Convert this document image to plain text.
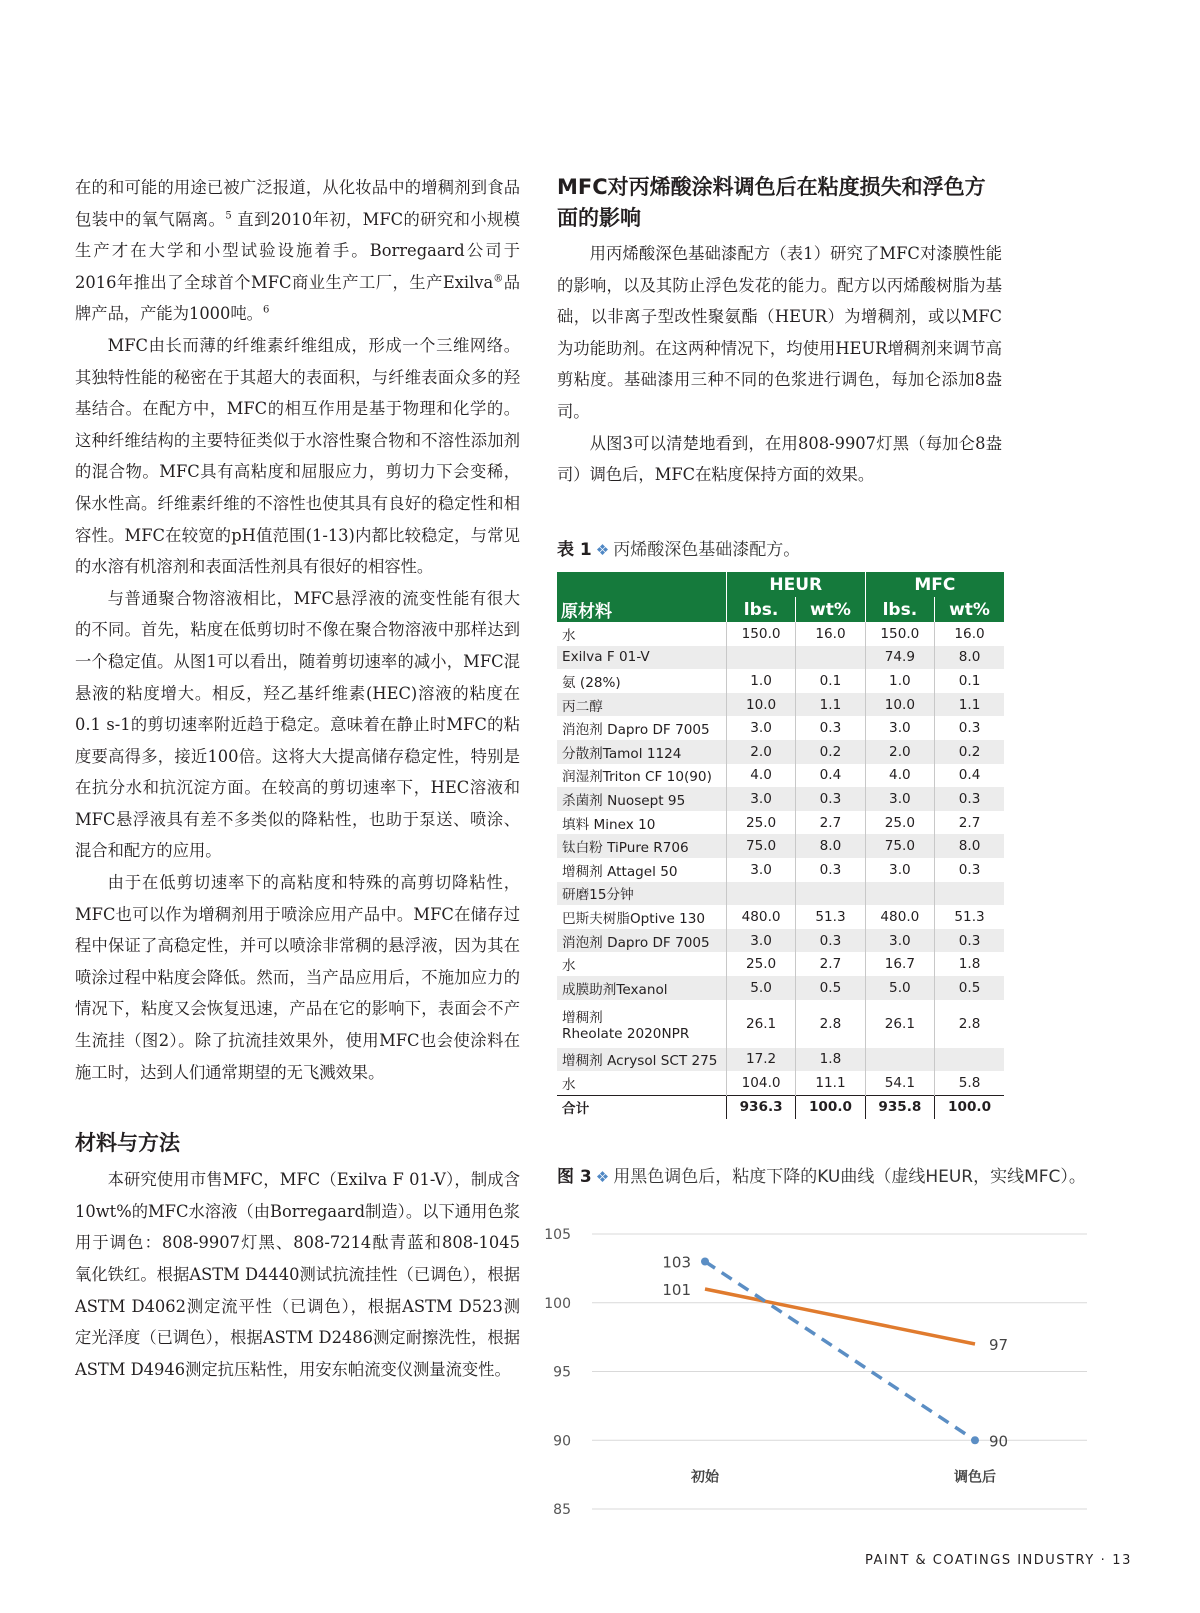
在的和可能的用途已被广泛报道，从化妆品中的增稠剂到食品包装中的氧气隔离。$^5$ 直到2010年初，MFC的研究和小规模生产才在大学和小型试验设施着手。Borregaard公司于2016年推出了全球首个MFC商业生产工厂，生产Exilva®品牌产品，产能为1000吨。$^6$

MFC由长而薄的纤维素纤维组成，形成一个三维网络。其独特性能的秘密在于其超大的表面积，与纤维表面众多的羟基结合。在配方中，MFC的相互作用是基于物理和化学的。这种纤维结构的主要特征类似于水溶性聚合物和不溶性添加剂的混合物。MFC具有高粘度和屈服应力，剪切力下会变稀，保水性高。纤维素纤维的不溶性也使其具有良好的稳定性和相容性。MFC在较宽的pH值范围(1-13)内都比较稳定，与常见的水溶有机溶剂和表面活性剂具有很好的相容性。

与普通聚合物溶液相比，MFC悬浮液的流变性能有很大的不同。首先，粘度在低剪切时不像在聚合物溶液中那样达到一个稳定值。从图1可以看出，随着剪切速率的减小，MFC混悬液的粘度增大。相反，羟乙基纤维素(HEC)溶液的粘度在0.1 s-1的剪切速率附近趋于稳定。意味着在静止时MFC的粘度要高得多，接近100倍。这将大大提高储存稳定性，特别是在抗分水和抗沉淀方面。在较高的剪切速率下，HEC溶液和MFC悬浮液具有差不多类似的降粘性，也助于泵送、喷涂、混合和配方的应用。

由于在低剪切速率下的高粘度和特殊的高剪切降粘性，MFC也可以作为增稠剂用于喷涂应用产品中。MFC在储存过程中保证了高稳定性，并可以喷涂非常稠的悬浮液，因为其在喷涂过程中粘度会降低。然而，当产品应用后，不施加应力的情况下，粘度又会恢复迅速，产品在它的影响下，表面会不产生流挂（图2）。除了抗流挂效果外，使用MFC也会使涂料在施工时，达到人们通常期望的无飞溅效果。

材料与方法

本研究使用市售MFC，MFC（Exilva F 01-V），制成含10wt%的MFC水溶液（由Borregaard制造）。以下通用色浆用于调色：808-9907灯黑、808-7214酞青蓝和808-1045氧化铁红。根据ASTM D4440测试抗流挂性（已调色），根据ASTM D4062测定流平性（已调色），根据ASTM D523测定光泽度（已调色），根据ASTM D2486测定耐擦洗性，根据ASTM D4946测定抗压粘性，用安东帕流变仪测量流变性。

MFC对丙烯酸涂料调色后在粘度损失和浮色方面的影响

用丙烯酸深色基础漆配方（表1）研究了MFC对漆膜性能的影响，以及其防止浮色发花的能力。配方以丙烯酸树脂为基础，以非离子型改性聚氨酯（HEUR）为增稠剂，或以MFC为功能助剂。在这两种情况下，均使用HEUR增稠剂来调节高剪粘度。基础漆用三种不同的色浆进行调色，每加仑添加8盎司。

从图3可以清楚地看到，在用808-9907灯黑（每加仑8盎司）调色后，MFC在粘度保持方面的效果。

表 1 ❖ 丙烯酸深色基础漆配方。
	HEUR		MFC	
原材料	lbs.	wt%	lbs.	wt%
水	150.0	16.0	150.0	16.0
Exilva F 01-V			74.9	8.0
氨 (28%)	1.0	0.1	1.0	0.1
丙二醇	10.0	1.1	10.0	1.1
消泡剂 Dapro DF 7005	3.0	0.3	3.0	0.3
分散剂Tamol 1124	2.0	0.2	2.0	0.2
润湿剂Triton CF 10(90)	4.0	0.4	4.0	0.4
杀菌剂 Nuosept 95	3.0	0.3	3.0	0.3
填料 Minex 10	25.0	2.7	25.0	2.7
钛白粉 TiPure R706	75.0	8.0	75.0	8.0
增稠剂 Attagel 50	3.0	0.3	3.0	0.3
研磨15分钟				
巴斯夫树脂Optive 130	480.0	51.3	480.0	51.3
消泡剂 Dapro DF 7005	3.0	0.3	3.0	0.3
水	25.0	2.7	16.7	1.8
成膜助剂Texanol	5.0	0.5	5.0	0.5
增稠剂
Rheolate 2020NPR	26.1	2.8	26.1	2.8
增稠剂 Acrysol SCT 275	17.2	1.8		
水	104.0	11.1	54.1	5.8
合计	936.3	100.0	935.8	100.0
图 3 ❖ 用黑色调色后，粘度下降的KU曲线（虚线HEUR，实线MFC）。
105
100
95
90
85
初始	调色后
103
90
101
97
PAINT & COATINGS INDUSTRY · 13
